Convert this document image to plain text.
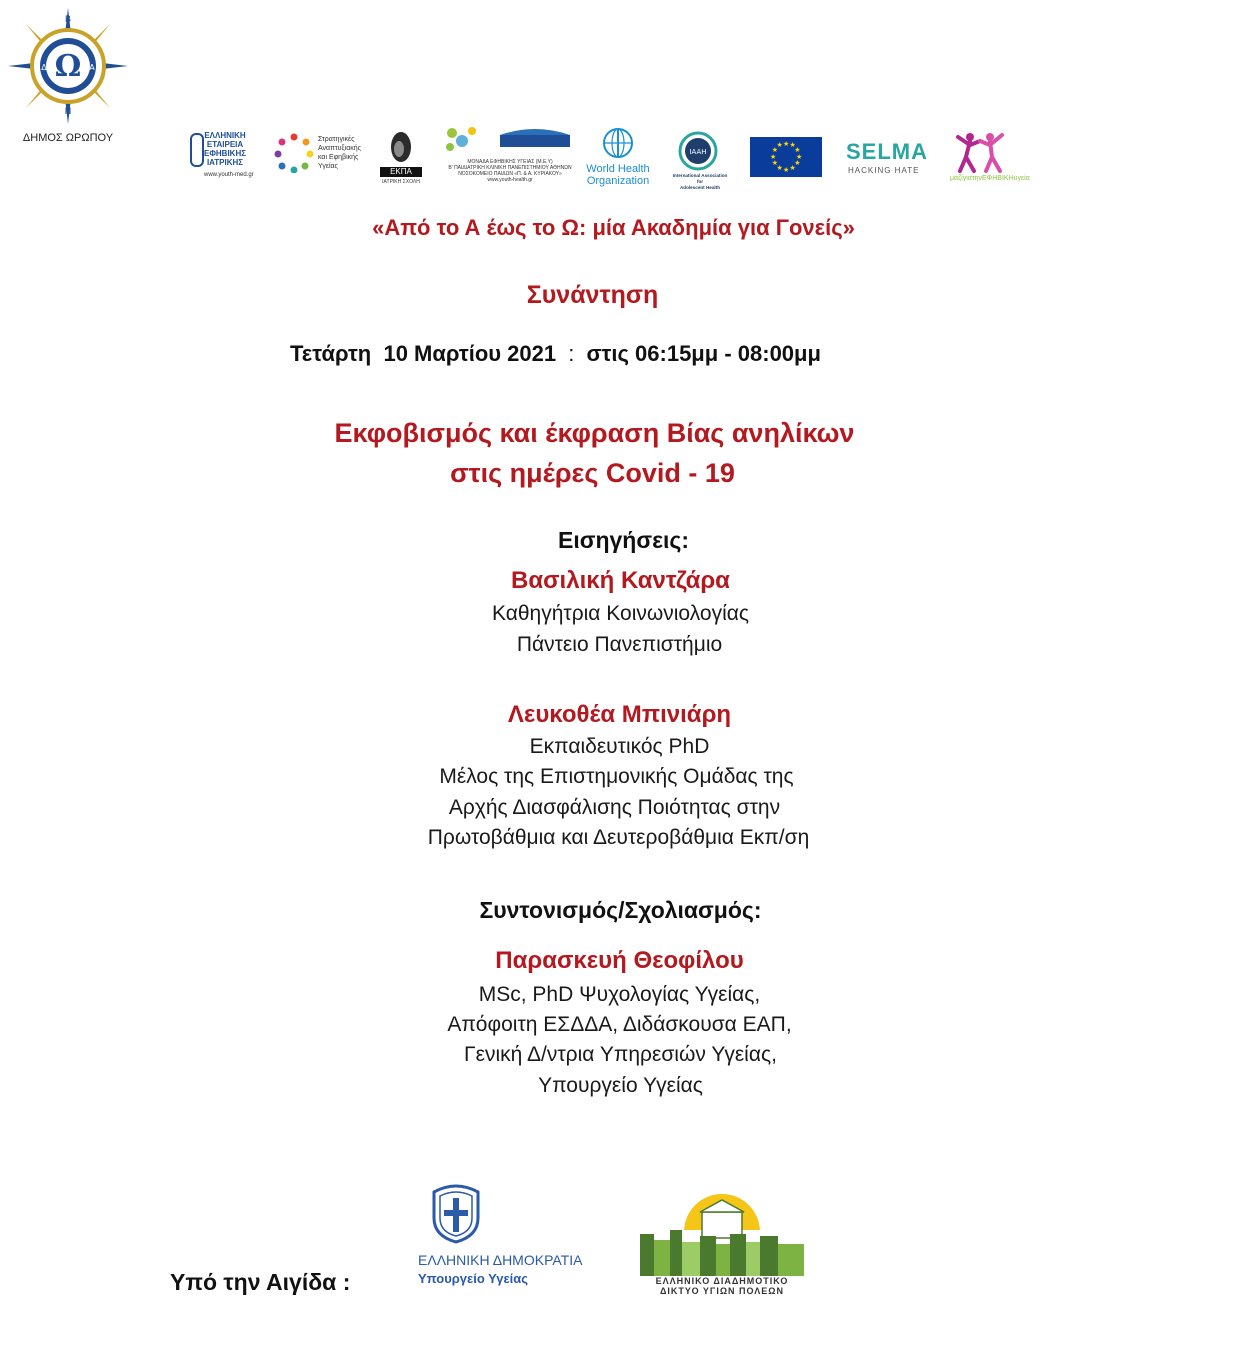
Ω
B
Δ	A
N
ΔΗΜΟΣ ΩΡΩΠΟΥ	ΕΛΛΗΝΙΚΗ
ΕΤΑΙΡΕΙΑ
ΕΦΗΒΙΚΗΣ
ΙΑΤΡΙΚΗΣ
www.youth-med.gr
Στρατηγικές
Αναπτυξιακής
και Εφηβικής
Υγείας
ΕΚΠΑ
ΙΑΤΡΙΚΗ ΣΧΟΛΗ
ΜΟΝΑΔΑ ΕΦΗΒΙΚΗΣ ΥΓΕΙΑΣ (Μ.Ε.Υ)
Β' ΠΑΙΔΙΑΤΡΙΚΗ ΚΛΙΝΙΚΗ ΠΑΝΕΠΙΣΤΗΜΙΟΥ ΑΘΗΝΩΝ
ΝΟΣΟΚΟΜΕΙΟ ΠΑΙΔΩΝ «Π. & Α. ΚΥΡΙΑΚΟΥ»
www.youth-health.gr
World Health
Organization
IAAH
International Association for
Adolescent Health
★
★
★
★
★
★
★
★
★ ★ ★
★ SELMA
HACKING HATE
μαζίγιατηνΕΦΗΒΙΚΗυγεία
«Από το Α έως το Ω: μία Ακαδημία για Γονείς»
Συνάντηση
Τετάρτη  10 Μαρτίου 2021 : στις 06:15μμ - 08:00μμ
Εκφοβισμός και έκφραση Βίας ανηλίκων
στις ημέρες Covid - 19
Εισηγήσεις:
Βασιλική Καντζάρα
Καθηγήτρια Κοινωνιολογίας
Πάντειο Πανεπιστήμιο
Λευκοθέα Μπινιάρη
Εκπαιδευτικός PhD
Μέλος της Επιστημονικής Ομάδας της
Αρχής Διασφάλισης Ποιότητας στην
Πρωτοβάθμια και Δευτεροβάθμια Εκπ/ση
Συντονισμός/Σχολιασμός:
Παρασκευή Θεοφίλου
MSc, PhD Ψυχολογίας Υγείας,
Απόφοιτη ΕΣΔΔΑ, Διδάσκουσα ΕΑΠ,
Γενική Δ/ντρια Υπηρεσιών Υγείας,
Υπουργείο Υγείας
Υπό την Αιγίδα :
ΕΛΛΗΝΙΚΗ ΔΗΜΟΚΡΑΤΙΑ
Υπουργείο Υγείας	ΕΛΛΗΝΙΚΟ ΔΙΑΔΗΜΟΤΙΚΟ
ΔΙΚΤΥΟ ΥΓΙΩΝ ΠΟΛΕΩΝ
